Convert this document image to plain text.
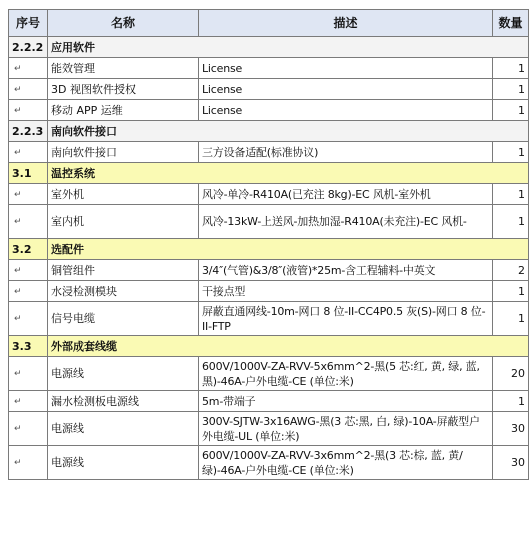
序号	名称	描述	数量
2.2.2	应用软件		
↵	能效管理	License	1
↵	3D 视图软件授权	License	1
↵	移动 APP 运维	License	1
2.2.3	南向软件接口		
↵	南向软件接口	三方设备适配(标准协议)	1
3.1	温控系统		
↵	室外机	风冷-单冷-R410A(已充注 8kg)-EC 风机-室外机	1
↵	室内机	风冷-13kW-上送风-加热加湿-R410A(未充注)-EC 风机-	1
3.2	选配件		
↵	铜管组件	3/4″(气管)&3/8″(液管)*25m-含工程辅料-中英文	2
↵	水浸检测模块	干接点型	1
↵	信号电缆	屏蔽直通网线-10m-网口 8 位-II-CC4P0.5 灰(S)-网口 8 位-II-FTP	1
3.3	外部成套线缆		
↵	电源线	600V/1000V-ZA-RVV-5x6mm^2-黑(5 芯:红, 黄, 绿, 蓝, 黑)-46A-户外电缆-CE (单位:米)	20
↵	漏水检测板电源线	5m-带端子	1
↵	电源线	300V-SJTW-3x16AWG-黑(3 芯:黑, 白, 绿)-10A-屏蔽型户外电缆-UL (单位:米)	30
↵	电源线	600V/1000V-ZA-RVV-3x6mm^2-黑(3 芯:棕, 蓝, 黄/绿)-46A-户外电缆-CE (单位:米)	30
